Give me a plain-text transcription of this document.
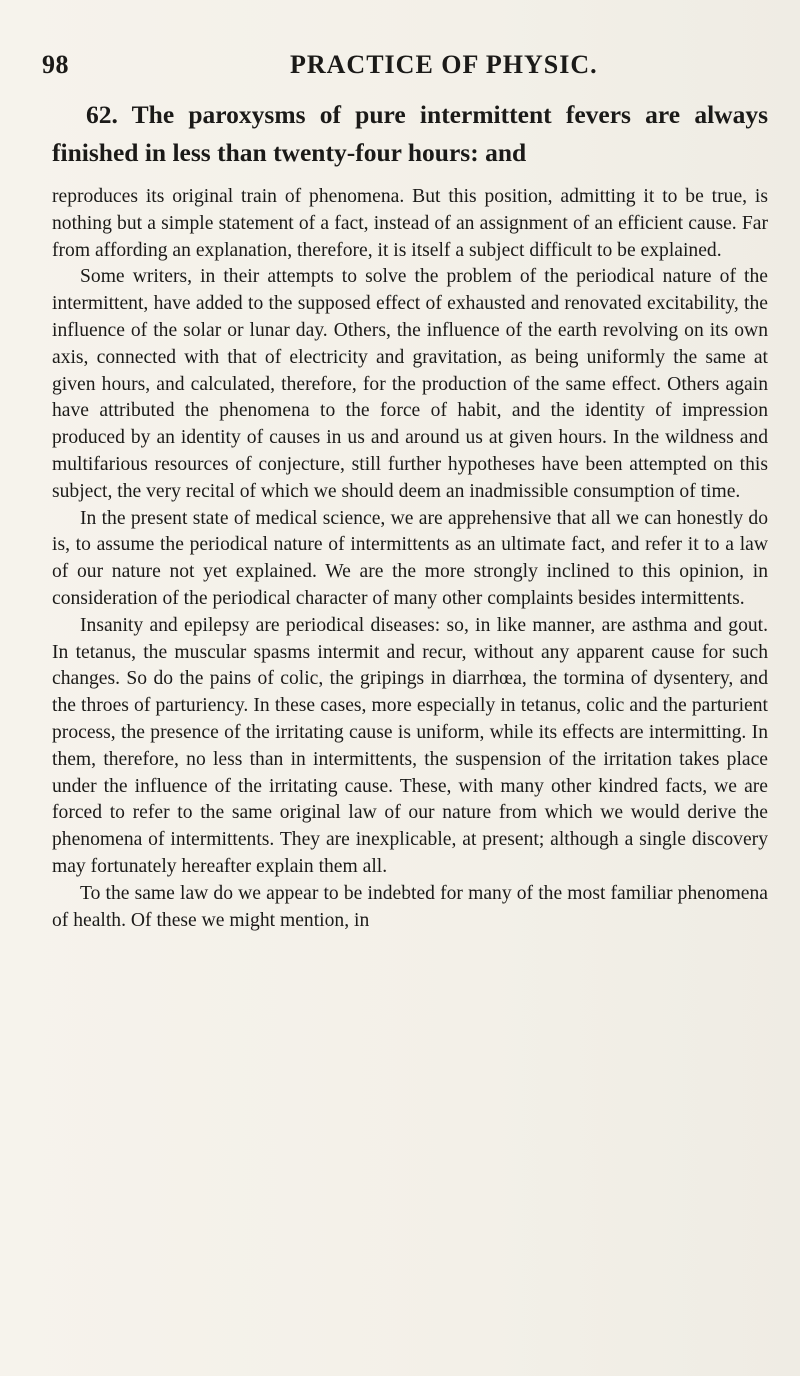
98	PRACTICE OF PHYSIC.

62. The paroxysms of pure intermittent fevers are always finished in less than twenty-four hours: and

reproduces its original train of phenomena. But this position, admitting it to be true, is nothing but a simple statement of a fact, instead of an assignment of an efficient cause. Far from affording an explanation, therefore, it is itself a subject difficult to be explained.

Some writers, in their attempts to solve the problem of the periodical nature of the intermittent, have added to the supposed effect of exhausted and renovated excitability, the influence of the solar or lunar day. Others, the influence of the earth revolving on its own axis, connected with that of electricity and gravitation, as being uniformly the same at given hours, and calculated, therefore, for the production of the same effect. Others again have attributed the phenomena to the force of habit, and the identity of impression produced by an identity of causes in us and around us at given hours. In the wildness and multifarious resources of conjecture, still further hypotheses have been attempted on this subject, the very recital of which we should deem an inadmissible consumption of time.

In the present state of medical science, we are apprehensive that all we can honestly do is, to assume the periodical nature of intermittents as an ultimate fact, and refer it to a law of our nature not yet explained. We are the more strongly inclined to this opinion, in consideration of the periodical character of many other complaints besides intermittents.

Insanity and epilepsy are periodical diseases: so, in like manner, are asthma and gout. In tetanus, the muscular spasms intermit and recur, without any apparent cause for such changes. So do the pains of colic, the gripings in diarrhœa, the tormina of dysentery, and the throes of parturiency. In these cases, more especially in tetanus, colic and the parturient process, the presence of the irritating cause is uniform, while its effects are intermitting. In them, therefore, no less than in intermittents, the suspension of the irritation takes place under the influence of the irritating cause. These, with many other kindred facts, we are forced to refer to the same original law of our nature from which we would derive the phenomena of intermittents. They are inexplicable, at present; although a single discovery may fortunately hereafter explain them all.

To the same law do we appear to be indebted for many of the most familiar phenomena of health. Of these we might mention, in
